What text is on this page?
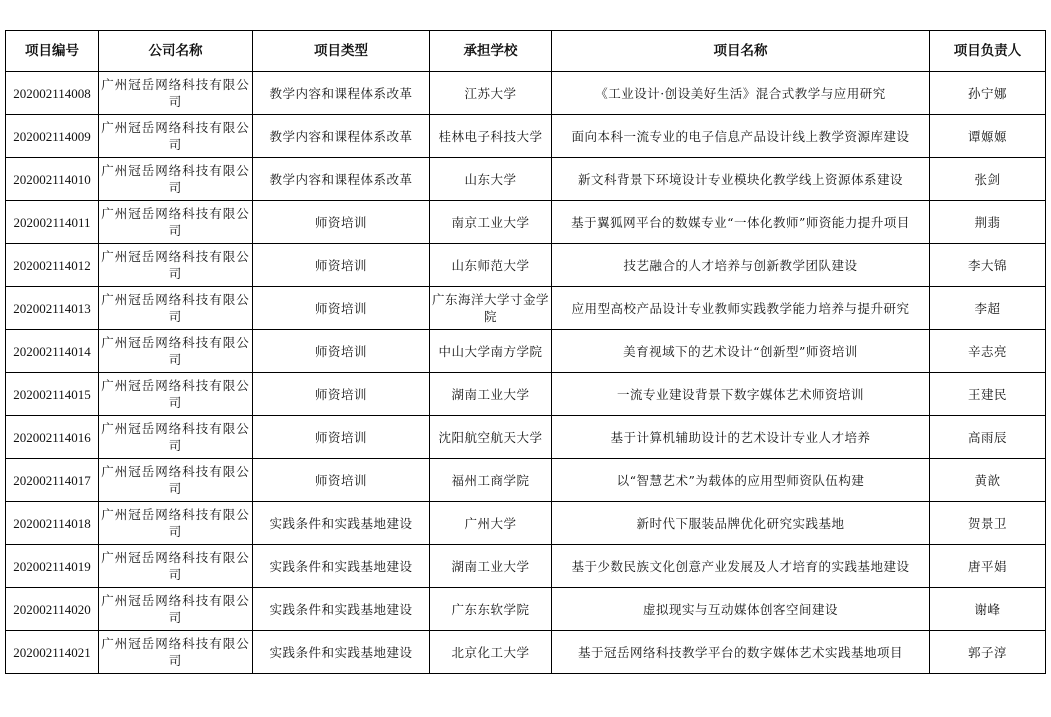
项目编号	公司名称	项目类型	承担学校	项目名称	项目负责人
202002114008	广州冠岳网络科技有限公司	教学内容和课程体系改革	江苏大学	《工业设计·创设美好生活》混合式教学与应用研究	孙宁娜
202002114009	广州冠岳网络科技有限公司	教学内容和课程体系改革	桂林电子科技大学	面向本科一流专业的电子信息产品设计线上教学资源库建设	谭嫄嫄
202002114010	广州冠岳网络科技有限公司	教学内容和课程体系改革	山东大学	新文科背景下环境设计专业模块化教学线上资源体系建设	张剑
202002114011	广州冠岳网络科技有限公司	师资培训	南京工业大学	基于翼狐网平台的数媒专业“一体化教师”师资能力提升项目	荆翡
202002114012	广州冠岳网络科技有限公司	师资培训	山东师范大学	技艺融合的人才培养与创新教学团队建设	李大锦
202002114013	广州冠岳网络科技有限公司	师资培训	广东海洋大学寸金学院	应用型高校产品设计专业教师实践教学能力培养与提升研究	李超
202002114014	广州冠岳网络科技有限公司	师资培训	中山大学南方学院	美育视域下的艺术设计“创新型”师资培训	辛志亮
202002114015	广州冠岳网络科技有限公司	师资培训	湖南工业大学	一流专业建设背景下数字媒体艺术师资培训	王建民
202002114016	广州冠岳网络科技有限公司	师资培训	沈阳航空航天大学	基于计算机辅助设计的艺术设计专业人才培养	高雨辰
202002114017	广州冠岳网络科技有限公司	师资培训	福州工商学院	以“智慧艺术”为载体的应用型师资队伍构建	黄歆
202002114018	广州冠岳网络科技有限公司	实践条件和实践基地建设	广州大学	新时代下服装品牌优化研究实践基地	贺景卫
202002114019	广州冠岳网络科技有限公司	实践条件和实践基地建设	湖南工业大学	基于少数民族文化创意产业发展及人才培育的实践基地建设	唐平娟
202002114020	广州冠岳网络科技有限公司	实践条件和实践基地建设	广东东软学院	虚拟现实与互动媒体创客空间建设	谢峰
202002114021	广州冠岳网络科技有限公司	实践条件和实践基地建设	北京化工大学	基于冠岳网络科技教学平台的数字媒体艺术实践基地项目	郭子淳
